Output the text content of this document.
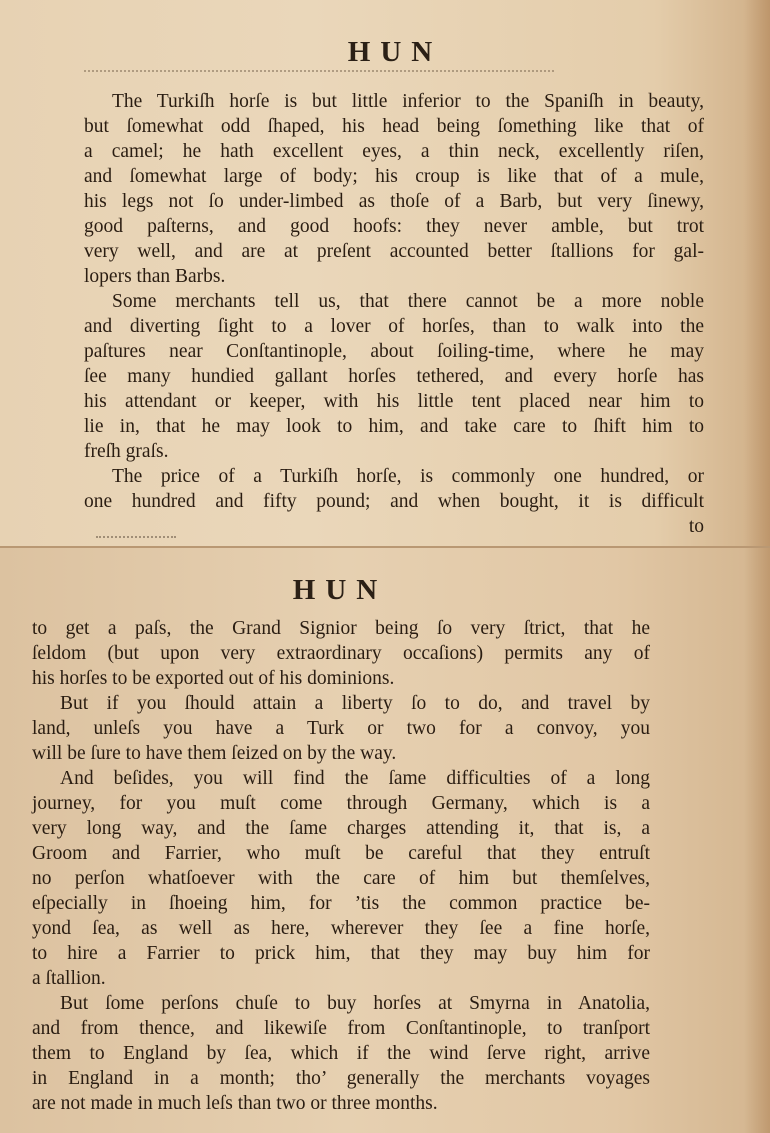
HUN
The Turkiſh horſe is but little inferior to the Spaniſh in beauty,
but ſomewhat odd ſhaped, his head being ſomething like that of
a camel; he hath excellent eyes, a thin neck, excellently riſen,
and ſomewhat large of body; his croup is like that of a mule,
his legs not ſo under-limbed as thoſe of a Barb, but very ſinewy,
good paſterns, and good hoofs: they never amble, but trot
very well, and are at preſent accounted better ſtallions for gal-
lopers than Barbs.
Some merchants tell us, that there cannot be a more noble
and diverting ſight to a lover of horſes, than to walk into the
paſtures near Conſtantinople, about ſoiling-time, where he may
ſee many hundied gallant horſes tethered, and every horſe has
his attendant or keeper, with his little tent placed near him to
lie in, that he may look to him, and take care to ſhift him to
freſh graſs.
The price of a Turkiſh horſe, is commonly one hundred, or
one hundred and fifty pound; and when bought, it is difficult
to
HUN
to get a paſs, the Grand Signior being ſo very ſtrict, that he
ſeldom (but upon very extraordinary occaſions) permits any of
his horſes to be exported out of his dominions.
But if you ſhould attain a liberty ſo to do, and travel by
land, unleſs you have a Turk or two for a convoy, you
will be ſure to have them ſeized on by the way.
And beſides, you will find the ſame difficulties of a long
journey, for you muſt come through Germany, which is a
very long way, and the ſame charges attending it, that is, a
Groom and Farrier, who muſt be careful that they entruſt
no perſon whatſoever with the care of him but themſelves,
eſpecially in ſhoeing him, for ’tis the common practice be-
yond ſea, as well as here, wherever they ſee a fine horſe,
to hire a Farrier to prick him, that they may buy him for
a ſtallion.
But ſome perſons chuſe to buy horſes at Smyrna in Anatolia,
and from thence, and likewiſe from Conſtantinople, to tranſport
them to England by ſea, which if the wind ſerve right, arrive
in England in a month; tho’ generally the merchants voyages
are not made in much leſs than two or three months.
